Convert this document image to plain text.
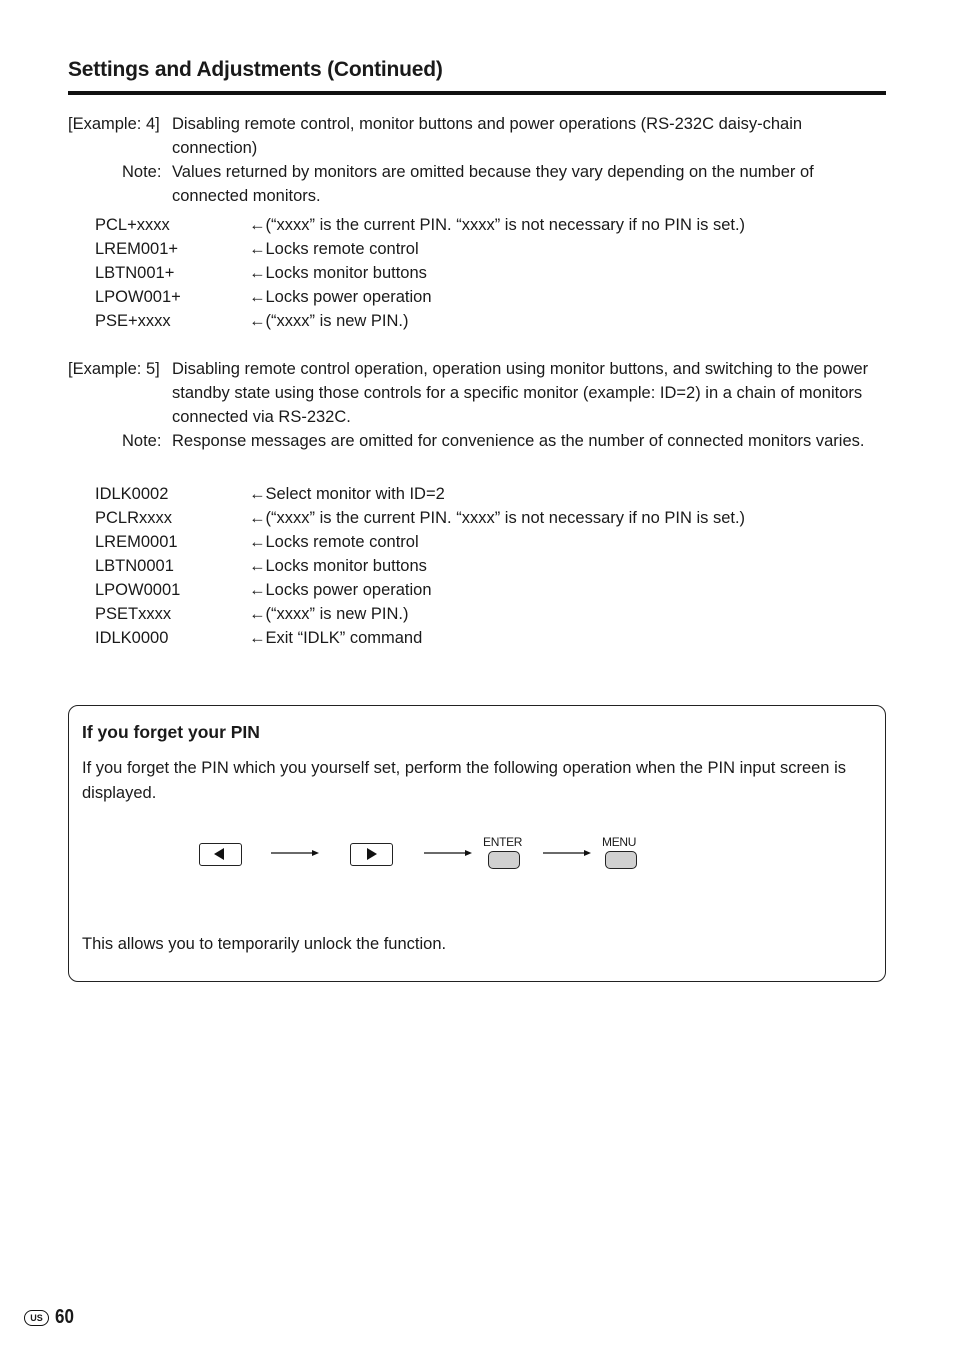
Settings and Adjustments (Continued)
[Example: 4] Disabling remote control, monitor buttons and power operations (RS-232C daisy-chain connection)
Note: Values returned by monitors are omitted because they vary depending on the number of connected monitors.
PCL+xxxx	←(“xxxx” is the current PIN. “xxxx” is not necessary if no PIN is set.)
LREM001+	←Locks remote control
LBTN001+	←Locks monitor buttons
LPOW001+	←Locks power operation
PSE+xxxx	←(“xxxx” is new PIN.)
[Example: 5] Disabling remote control operation, operation using monitor buttons, and switching to the power standby state using those controls for a specific monitor (example: ID=2) in a chain of monitors connected via RS-232C.
Note: Response messages are omitted for convenience as the number of connected monitors varies.
IDLK0002	←Select monitor with ID=2
PCLRxxxx	←(“xxxx” is the current PIN. “xxxx” is not necessary if no PIN is set.)
LREM0001	←Locks remote control
LBTN0001	←Locks monitor buttons
LPOW0001	←Locks power operation
PSETxxxx	←(“xxxx” is new PIN.)
IDLK0000	←Exit “IDLK” command
If you forget your PIN
If you forget the PIN which you yourself set, perform the following operation when the PIN input screen is displayed.
ENTER	MENU
This allows you to temporarily unlock the function.
US 60
